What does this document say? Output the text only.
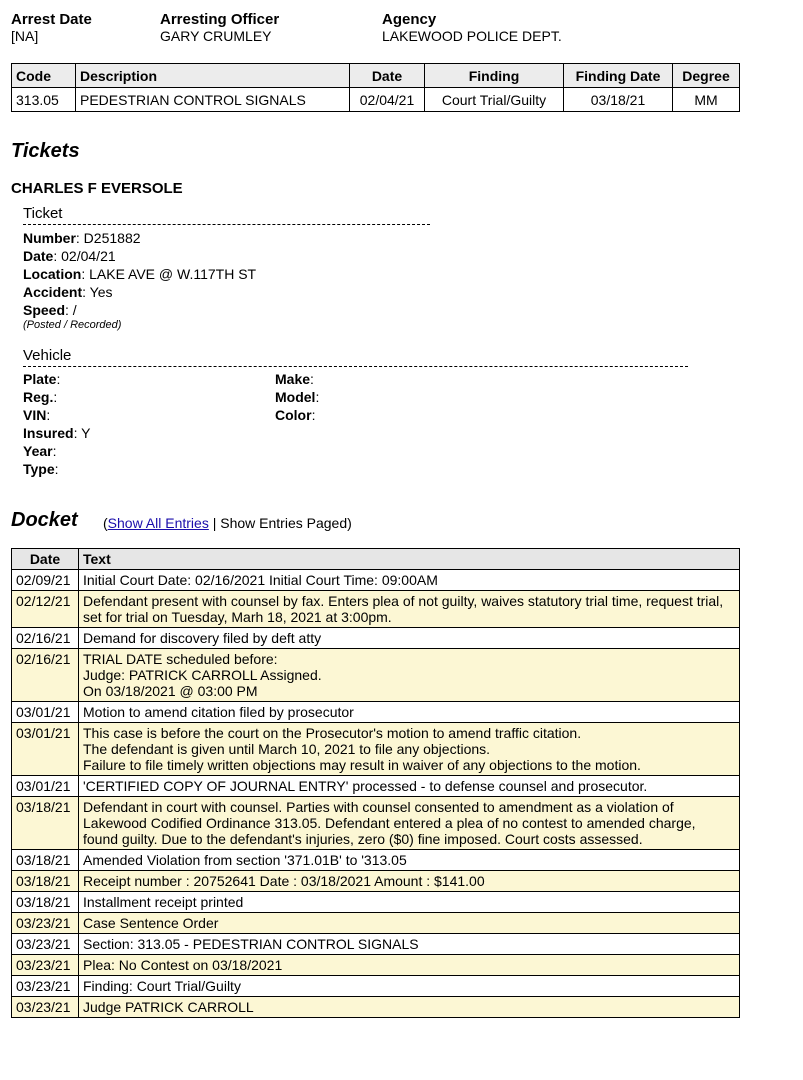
Arrest Date
[NA]
Arresting Officer
GARY CRUMLEY
Agency
LAKEWOOD POLICE DEPT.
Code	Description	Date	Finding	Finding Date	Degree
313.05	PEDESTRIAN CONTROL SIGNALS	02/04/21	Court Trial/Guilty	03/18/21	MM
Tickets
CHARLES F EVERSOLE
Ticket
Number: D251882
Date: 02/04/21
Location: LAKE AVE @ W.117TH ST
Accident: Yes
Speed: /
(Posted / Recorded)
Vehicle
Plate:
Reg.:
VIN:
Insured: Y
Year:
Type:
Make:
Model:
Color:
Docket (Show All Entries | Show Entries Paged)
Date	Text
02/09/21	Initial Court Date: 02/16/2021 Initial Court Time: 09:00AM
02/12/21	Defendant present with counsel by fax. Enters plea of not guilty, waives statutory trial time, request trial,
set for trial on Tuesday, Marh 18, 2021 at 3:00pm.
02/16/21	Demand for discovery filed by deft atty
02/16/21	TRIAL DATE scheduled before:
Judge: PATRICK CARROLL Assigned.
On 03/18/2021 @ 03:00 PM
03/01/21	Motion to amend citation filed by prosecutor
03/01/21	This case is before the court on the Prosecutor's motion to amend traffic citation.
The defendant is given until March 10, 2021 to file any objections.
Failure to file timely written objections may result in waiver of any objections to the motion.
03/01/21	'CERTIFIED COPY OF JOURNAL ENTRY' processed - to defense counsel and prosecutor.
03/18/21	Defendant in court with counsel. Parties with counsel consented to amendment as a violation of
Lakewood Codified Ordinance 313.05. Defendant entered a plea of no contest to amended charge,
found guilty. Due to the defendant's injuries, zero ($0) fine imposed. Court costs assessed.
03/18/21	Amended Violation from section '371.01B' to '313.05
03/18/21	Receipt number : 20752641 Date : 03/18/2021 Amount : $141.00
03/18/21	Installment receipt printed
03/23/21	Case Sentence Order
03/23/21	Section: 313.05 - PEDESTRIAN CONTROL SIGNALS
03/23/21	Plea: No Contest on 03/18/2021
03/23/21	Finding: Court Trial/Guilty
03/23/21	Judge PATRICK CARROLL
